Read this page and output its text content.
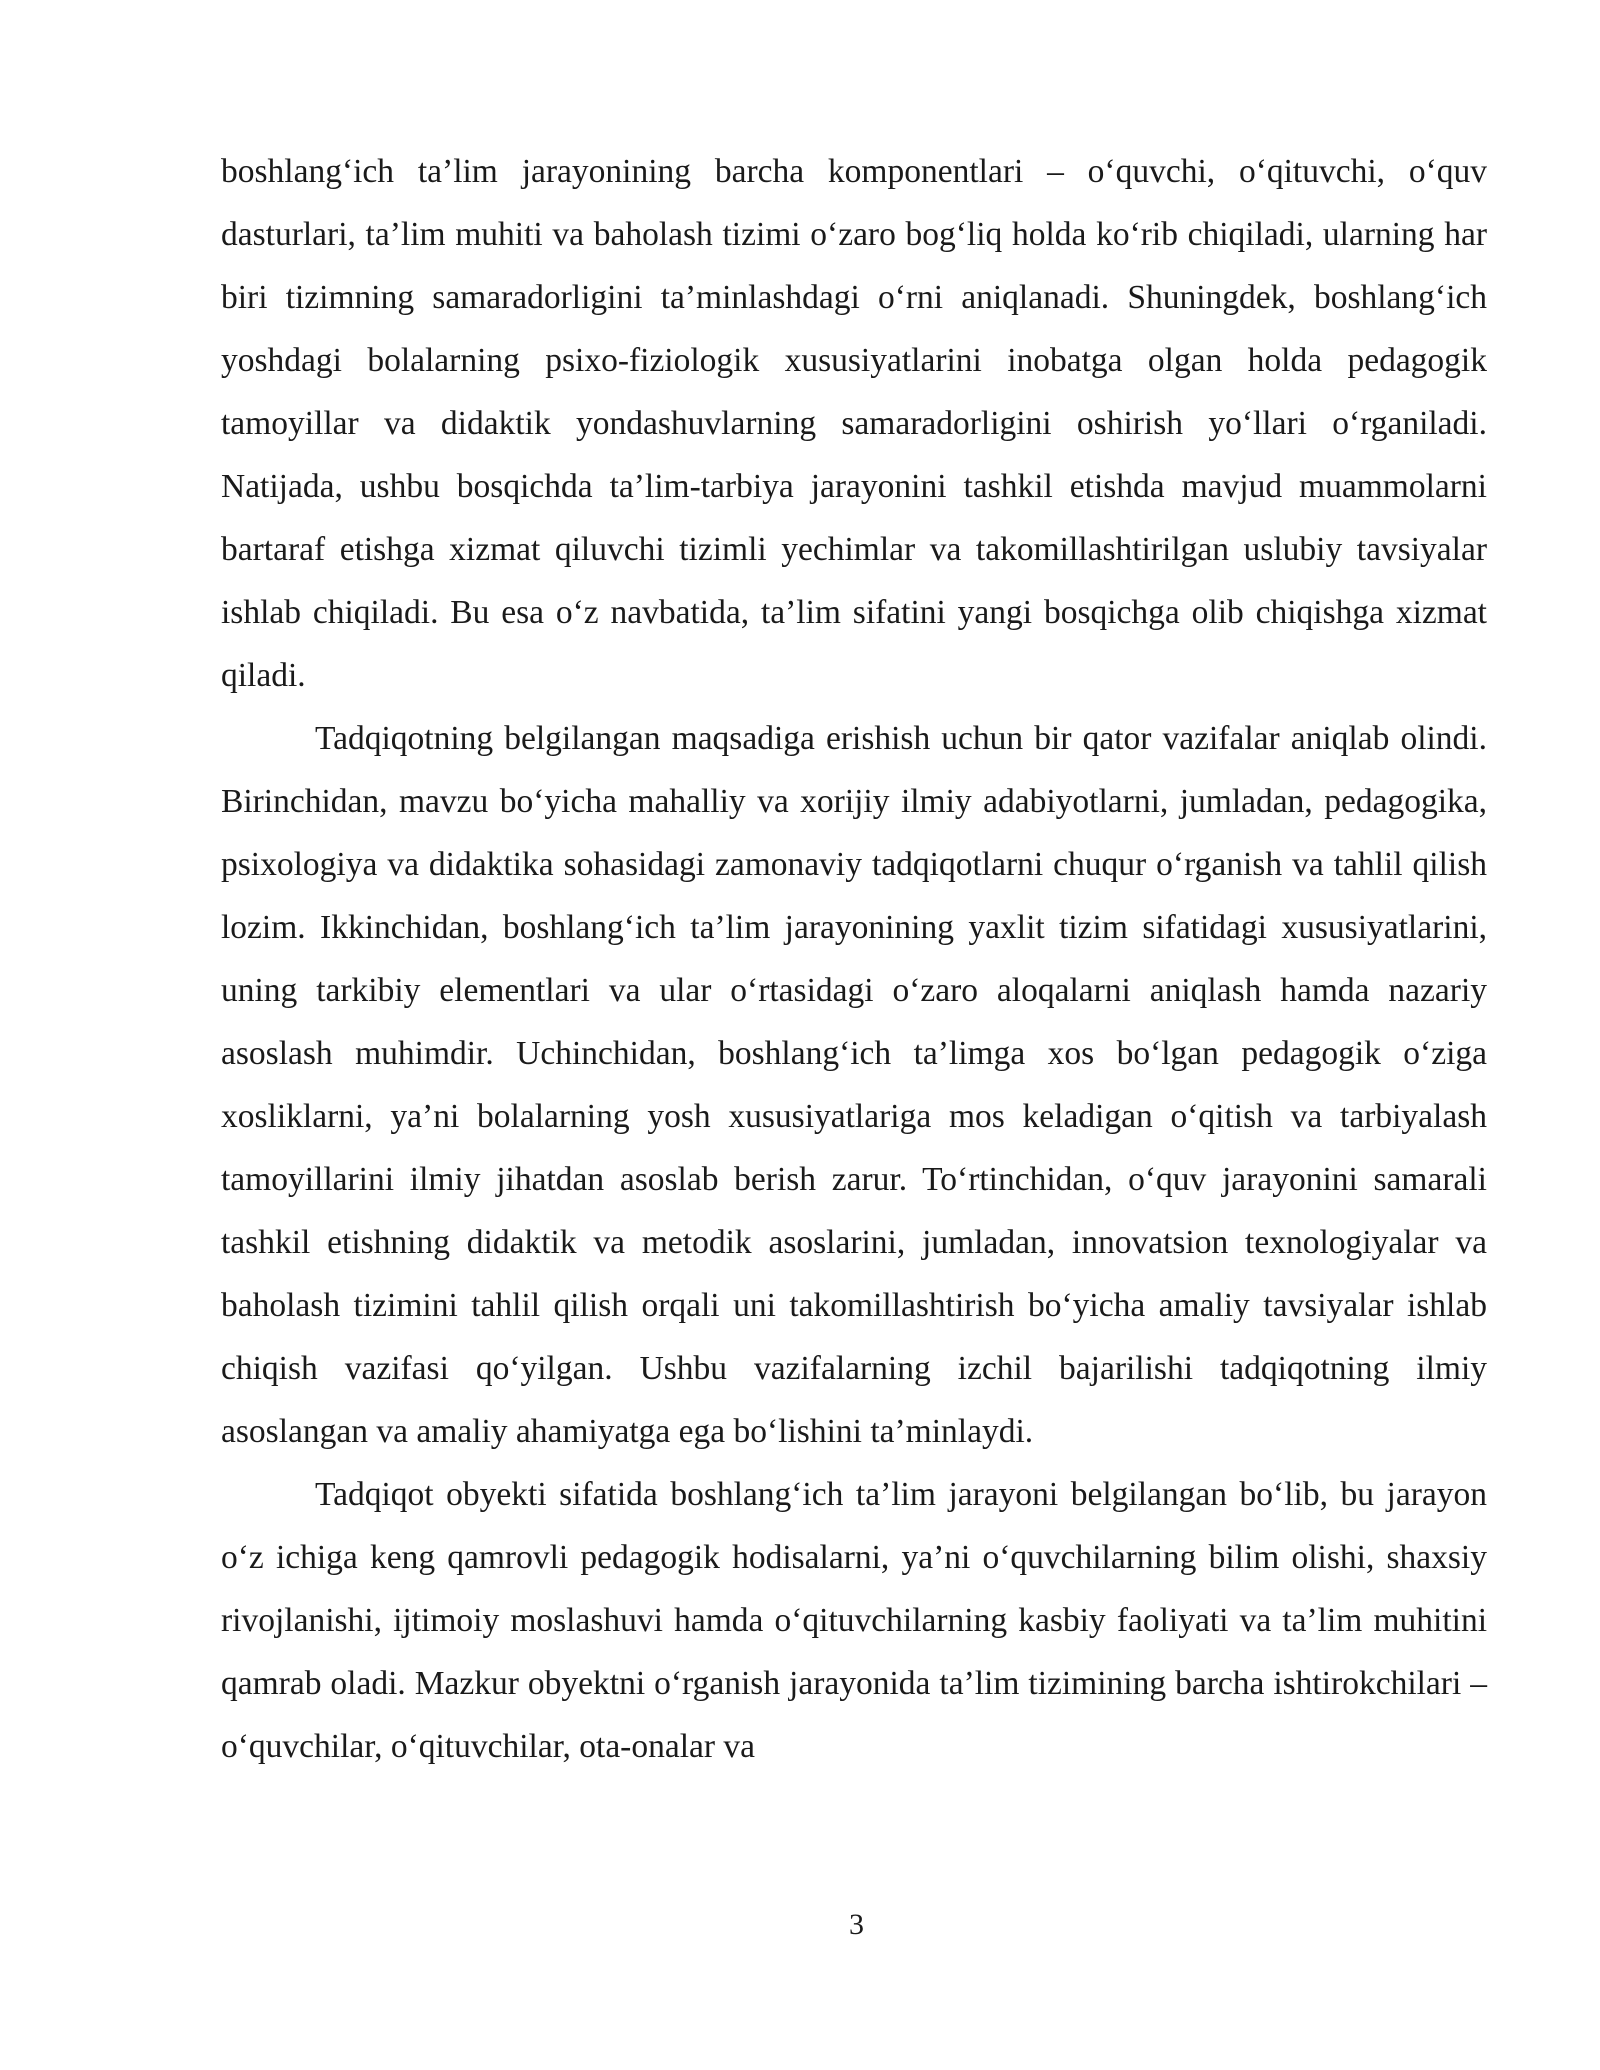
boshlang‘ich ta’lim jarayonining barcha komponentlari – o‘quvchi, o‘qituvchi, o‘quv dasturlari, ta’lim muhiti va baholash tizimi o‘zaro bog‘liq holda ko‘rib chiqiladi, ularning har biri tizimning samaradorligini ta’minlashdagi o‘rni aniqlanadi. Shuningdek, boshlang‘ich yoshdagi bolalarning psixo-fiziologik xususiyatlarini inobatga olgan holda pedagogik tamoyillar va didaktik yondashuvlarning samaradorligini oshirish yo‘llari o‘rganiladi. Natijada, ushbu bosqichda ta’lim-tarbiya jarayonini tashkil etishda mavjud muammolarni bartaraf etishga xizmat qiluvchi tizimli yechimlar va takomillashtirilgan uslubiy tavsiyalar ishlab chiqiladi. Bu esa o‘z navbatida, ta’lim sifatini yangi bosqichga olib chiqishga xizmat qiladi.

Tadqiqotning belgilangan maqsadiga erishish uchun bir qator vazifalar aniqlab olindi. Birinchidan, mavzu bo‘yicha mahalliy va xorijiy ilmiy adabiyotlarni, jumladan, pedagogika, psixologiya va didaktika sohasidagi zamonaviy tadqiqotlarni chuqur o‘rganish va tahlil qilish lozim. Ikkinchidan, boshlang‘ich ta’lim jarayonining yaxlit tizim sifatidagi xususiyatlarini, uning tarkibiy elementlari va ular o‘rtasidagi o‘zaro aloqalarni aniqlash hamda nazariy asoslash muhimdir. Uchinchidan, boshlang‘ich ta’limga xos bo‘lgan pedagogik o‘ziga xosliklarni, ya’ni bolalarning yosh xususiyatlariga mos keladigan o‘qitish va tarbiyalash tamoyillarini ilmiy jihatdan asoslab berish zarur. To‘rtinchidan, o‘quv jarayonini samarali tashkil etishning didaktik va metodik asoslarini, jumladan, innovatsion texnologiyalar va baholash tizimini tahlil qilish orqali uni takomillashtirish bo‘yicha amaliy tavsiyalar ishlab chiqish vazifasi qo‘yilgan. Ushbu vazifalarning izchil bajarilishi tadqiqotning ilmiy asoslangan va amaliy ahamiyatga ega bo‘lishini ta’minlaydi.

Tadqiqot obyekti sifatida boshlang‘ich ta’lim jarayoni belgilangan bo‘lib, bu jarayon o‘z ichiga keng qamrovli pedagogik hodisalarni, ya’ni o‘quvchilarning bilim olishi, shaxsiy rivojlanishi, ijtimoiy moslashuvi hamda o‘qituvchilarning kasbiy faoliyati va ta’lim muhitini qamrab oladi. Mazkur obyektni o‘rganish jarayonida ta’lim tizimining barcha ishtirokchilari – o‘quvchilar, o‘qituvchilar, ota-onalar va

3
